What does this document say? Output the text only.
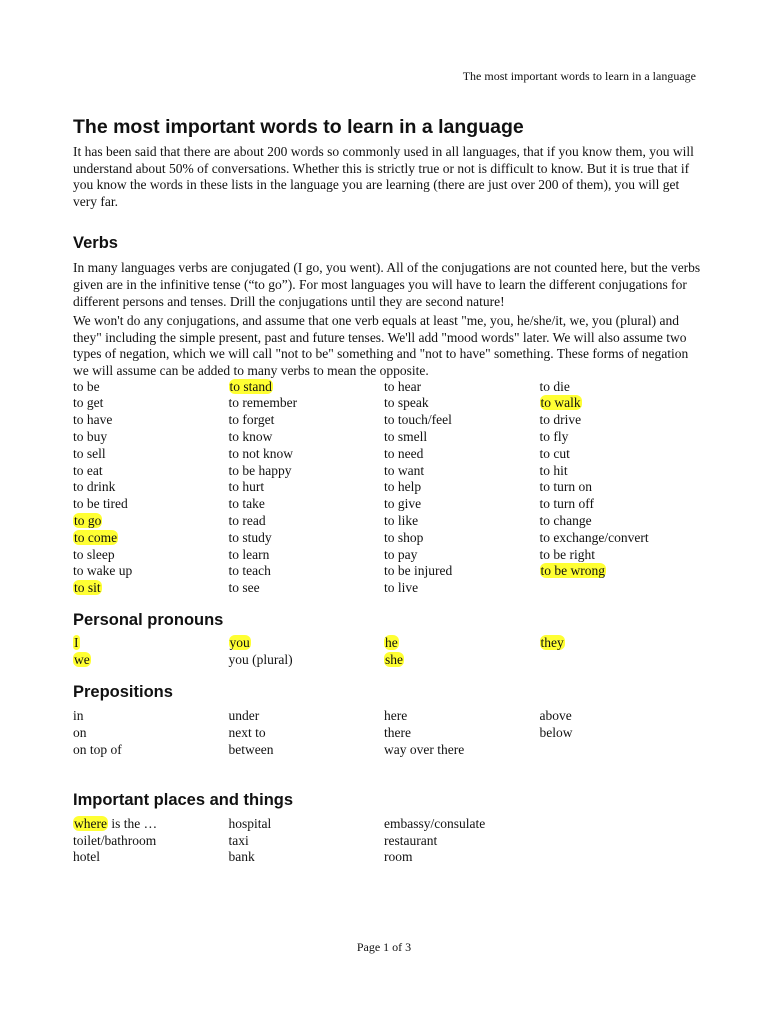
The most important words to learn in a language
The most important words to learn in a language

It has been said that there are about 200 words so commonly used in all languages, that if you know them, you will understand about 50% of conversations. Whether this is strictly true or not is difficult to know. But it is true that if you know the words in these lists in the language you are learning (there are just over 200 of them), you will get very far.

Verbs

In many languages verbs are conjugated (I go, you went). All of the conjugations are not counted here, but the verbs given are in the infinitive tense (“to go”). For most languages you will have to learn the different conjugations for different persons and tenses. Drill the conjugations until they are second nature!

We won't do any conjugations, and assume that one verb equals at least "me, you, he/she/it, we, you (plural) and they" including the simple present, past and future tenses. We'll add "mood words" later. We will also assume two types of negation, which we will call "not to be" something and "not to have" something. These forms of negation we will assume can be added to many verbs to mean the opposite.

to be	to stand	to hear	to die
to get	to remember	to speak	to walk
to have	to forget	to touch/feel	to drive
to buy	to know	to smell	to fly
to sell	to not know	to need	to cut
to eat	to be happy	to want	to hit
to drink	to hurt	to help	to turn on
to be tired	to take	to give	to turn off
to go	to read	to like	to change
to come	to study	to shop	to exchange/convert
to sleep	to learn	to pay	to be right
to wake up	to teach	to be injured	to be wrong
to sit	to see	to live
Personal pronouns
I	you	he	they
we	you (plural)	she
Prepositions
in	under	here	above
on	next to	there	below
on top of	between	way over there
Important places and things
where is the …	hospital	embassy/consulate
toilet/bathroom	taxi	restaurant
hotel	bank	room
Page 1 of 3
